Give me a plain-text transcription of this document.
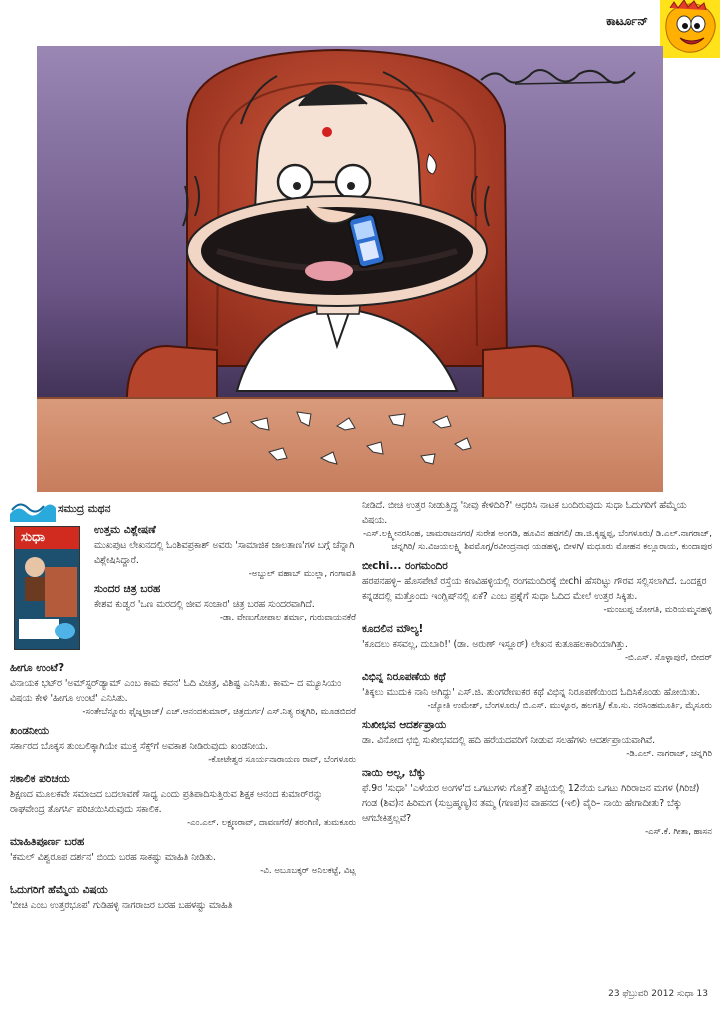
ಕಾರ್ಟೂನ್
ಸಮುದ್ರ ಮಥನ
ಸುಧಾ	ಉತ್ತಮ ವಿಶ್ಲೇಷಣೆ
ಮುಖಪುಟ ಲೇಖನದಲ್ಲಿ ಓಂಶಿವಪ್ರಕಾಶ್ ಅವರು 'ಸಾಮಾಜಿಕ ಜಾಲತಾಣ'ಗಳ ಬಗ್ಗೆ ಚೆನ್ನಾಗಿ ವಿಶ್ಲೇಷಿಸಿದ್ದಾರೆ.
-ಅಬ್ದುಲ್ ವಹಾಬ್ ಮುಲ್ಲಾ, ಗಂಗಾವತಿ
ಸುಂದರ ಚಿತ್ರ ಬರಹ
ಕೇಶವ ಕುಡ್ವರ 'ಒಣ ಮರದಲ್ಲಿ ಜೀವ ಸಂಚಾರ' ಚಿತ್ರ ಬರಹ ಸುಂದರವಾಗಿದೆ.
-ಡಾ. ವೇಣುಗೋಪಾಲ ಶರ್ಮಾ, ಗುರುವಾಯನಕೆರೆ
ಹೀಗೂ ಉಂಟೆ?
ವಿನಾಯಕ ಭಟ್‌ರ 'ಅಮ್‌ಸ್ಟರ್‌ಡ್ಯಾಮ್ ಎಂಬ ಕಾಮ ಕವನ' ಓದಿ ವಿಚಿತ್ರ, ವಿಶಿಷ್ಟ ಎನಿಸಿತು. ಕಾಮ– ದ ಮ್ಯೂಸಿಯಂ ವಿಷಯ ಕೇಳಿ 'ಹೀಗೂ ಉಂಟೆ' ಎನಿಸಿತು.
-ಸಂತೇಬೆನ್ನೂರು ಫೈಜ್ನಟ್ರಾಜ್/ ಎಚ್.ಆನಂದಕುಮಾರ್, ಚಿತ್ರದುರ್ಗ/ ಎಸ್.ನಿತ್ಯ ರತ್ನಗಿರಿ, ಮೂಡಬಿದರೆ
ಖಂಡನೀಯ
ಸರ್ಕಾರದ ಬೊಕ್ಕಸ ತುಂಬಲಿಕ್ಕಾಗಿಯೇ ಮುಕ್ತ ಸೆಕ್ಸ್‌ಗೆ ಅವಕಾಶ ನೀಡಿರುವುದು ಖಂಡನೀಯ.
-ಕೋಟೇಶ್ವರ ಸೂರ್ಯನಾರಾಯಣ ರಾವ್, ಬೆಂಗಳೂರು
ಸಕಾಲಿಕ ಪರಿಚಯ
ಶಿಕ್ಷಣದ ಮೂಲಕವೇ ಸಮಾಜದ ಬದಲಾವಣೆ ಸಾಧ್ಯ ಎಂದು ಪ್ರತಿಪಾದಿಸುತ್ತಿರುವ ಶಿಕ್ಷಕ ಆನಂದ ಕುಮಾರ್‌ರನ್ನು ರಾಘವೇಂದ್ರ ತೊಗರ್ಸಿ ಪರಿಚಯಿಸಿರುವುದು ಸಕಾಲಿಕ.
-ಎಂ.ಎಲ್. ಲಕ್ಷ್ಮಣರಾವ್, ದಾವಣಗೆರೆ/ ತರಂಗಿಣಿ, ತುಮಕೂರು
ಮಾಹಿತಿಪೂರ್ಣ ಬರಹ
'ಕಮಲ್ ವಿಶ್ವರೂಪ ದರ್ಶನ' ಬಿಂದು ಬರಹ ಸಾಕಷ್ಟು ಮಾಹಿತಿ ನೀಡಿತು.
-ವಿ. ಅಬೂಬಕ್ಕರ್ ಅನಿಲಕಟ್ಟೆ, ವಿಟ್ಲ
ಓದುಗರಿಗೆ ಹೆಮ್ಮೆಯ ವಿಷಯ
'ಬೀಚಿ ಎಂಬ ಉತ್ತರಭೂಪ' ಗುಡಿಹಳ್ಳಿ ನಾಗರಾಜರ ಬರಹ ಬಹಳಷ್ಟು ಮಾಹಿತಿ
ನೀಡಿದೆ. ಬೀಚಿ ಉತ್ತರ ನೀಡುತ್ತಿದ್ದ 'ನೀವು ಕೇಳಿದಿರಿ?' ಆಧರಿಸಿ ನಾಟಕ ಬಂದಿರುವುದು ಸುಧಾ ಓದುಗರಿಗೆ ಹೆಮ್ಮೆಯ ವಿಷಯ.
-ಎಸ್.ಲಕ್ಷ್ಮೀನರಸಿಂಹ, ಚಾಮರಾಜನಗರ/ ಸುರೇಶ ಅಂಗಡಿ, ಹೂವಿನ ಹಡಗಲಿ/ ಡಾ.ಜಿ.ಕೃಷ್ಣಪ್ಪ, ಬೆಂಗಳೂರು/ ಡಿ.ಎಲ್.ನಾಗರಾಜ್, ಚನ್ನಗಿರಿ/ ಸು.ವಿಜಯಲಕ್ಷ್ಮಿ ಶಿವಮೊಗ್ಗ/ರವೀಂದ್ರನಾಥ ಯಡಹಳ್ಳಿ, ಬೀಳಗಿ/ ಮಧೂರು ಮೋಹನ ಕಲ್ಲೂರಾಯ, ಕುಂದಾಪುರ
ಬೀchi... ರಂಗಮಂದಿರ
ಹರಪನಹಳ್ಳಿ– ಹೊಸಪೇಟೆ ರಸ್ತೆಯ ಕಣವಿಹಳ್ಳಿಯಲ್ಲಿ ರಂಗಮಂದಿರಕ್ಕೆ ಬೀchi ಹೆಸರಿಟ್ಟು ಗೌರವ ಸಲ್ಲಿಸಲಾಗಿದೆ. ಒಂದಕ್ಷರ ಕನ್ನಡದಲ್ಲಿ ಮತ್ತೊಂದು ಇಂಗ್ಲಿಷ್‌ನಲ್ಲಿ ಏಕೆ? ಎಂಬ ಪ್ರಶ್ನೆಗೆ ಸುಧಾ ಓದಿದ ಮೇಲೆ ಉತ್ತರ ಸಿಕ್ಕಿತು.
-ಮಂಜುಪ್ಪ ಜೋಗತಿ, ಮರಿಯಮ್ಮನಹಳ್ಳಿ
ಕೂದಲಿನ ಮೌಲ್ಯ!
'ಕೂದಲು ಕಸವಲ್ಲ, ದುಬಾರಿ!' (ಡಾ. ಅರುಣ್ ಇಸ್ಲೂರ್) ಲೇಖನ ಕುತೂಹಲಕಾರಿಯಾಗಿತ್ತು.
-ಬಿ.ಎಸ್. ಸೊಳ್ಳಾಪುರೆ, ಬೀದರ್
ವಿಭಿನ್ನ ನಿರೂಪಣೆಯ ಕಥೆ
'ತಿಕ್ಕಲು ಮುದುಕಿ ನಾನಿ ಅಗಿದ್ದು' ಎಸ್.ಜಿ. ತುಂಗರೇಣುಕರ ಕಥೆ ವಿಭಿನ್ನ ನಿರೂಪಣೆಯಿಂದ ಓದಿಸಿಕೊಂಡು ಹೋಯಿತು.
-ಜ್ಯೋತಿ ಉಮೇಶ್, ಬೆಂಗಳೂರು/ ಬಿ.ಎಸ್. ಮುಳ್ಳೂರ, ಹಲಗತ್ತಿ/ ಕೊ.ಸು. ನರಸಿಂಹಮೂರ್ತಿ, ಮೈಸೂರು
ಸುಖೀಭವ ಆದರ್ಶಪ್ರಾಯ
ಡಾ. ವಿನೋದ ಛಬ್ಬಿ ಸುಖೀಭವದಲ್ಲಿ ಹದಿ ಹರೆಯದವರಿಗೆ ನೀಡುವ ಸಲಹೆಗಳು ಆದರ್ಶಪ್ರಾಯವಾಗಿವೆ.
-ಡಿ.ಎಲ್. ನಾಗರಾಜ್, ಚನ್ನಗಿರಿ
ನಾಯಿ ಅಲ್ಲ, ಬೆಕ್ಕು
ಫೆ.9ರ 'ಸುಧಾ' 'ಎಳೆಯರ ಅಂಗಳ'ದ ಒಗಟುಗಳು ಗೊತ್ತೆ? ಪಟ್ಟಿಯಲ್ಲಿ 12ನೆಯ ಒಗಟು ಗಿರಿರಾಜನ ಮಗಳ (ಗಿರಿಜೆ) ಗಂಡ (ಶಿವ)ನ ಹಿರಿಮಗ (ಸುಬ್ರಹ್ಮಣ್ಯ)ನ ತಮ್ಮ (ಗಣಪ)ನ ವಾಹನದ (ಇಲಿ) ವೈರಿ– ನಾಯಿ ಹೇಗಾದೀತು? ಬೆಕ್ಕು ಆಗಬೇಕಿತ್ತಲ್ಲವೆ?
-ಎಸ್.ಕೆ. ಗೀತಾ, ಹಾಸನ
23 ಫೆಬ್ರುವರಿ 2012 ಸುಧಾ 13
